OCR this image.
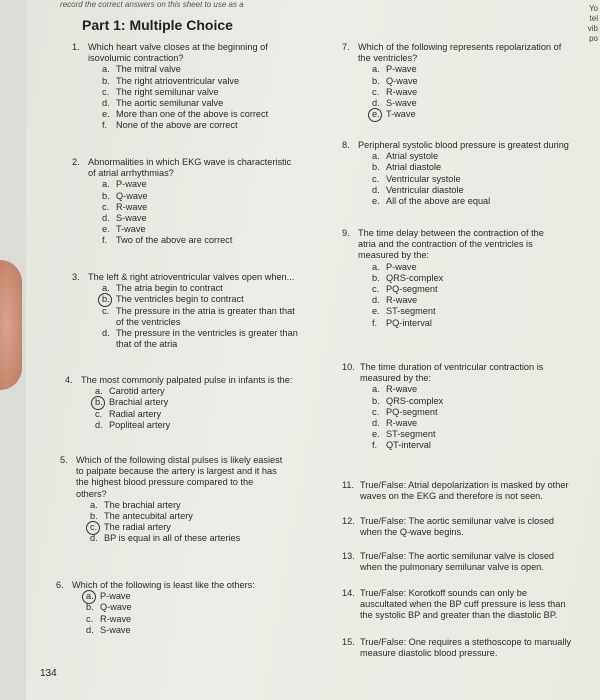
record the correct answers on this sheet to use as a
Part 1: Multiple Choice
Yo
tel
vib
po
1. Which heart valve closes at the beginning of
isovolumic contraction?
a. The mitral valve
b. The right atrioventricular valve
c. The right semilunar valve
d. The aortic semilunar valve
e. More than one of the above is correct
f. None of the above are correct
2. Abnormalities in which EKG wave is characteristic
of atrial arrhythmias?
a. P-wave
b. Q-wave
c. R-wave
d. S-wave
e. T-wave
f. Two of the above are correct
3. The left & right atrioventricular valves open when...
a. The atria begin to contract
b. The ventricles begin to contract
c. The pressure in the atria is greater than that
of the ventricles
d. The pressure in the ventricles is greater than
that of the atria
4. The most commonly palpated pulse in infants is the:
a. Carotid artery
b. Brachial artery
c. Radial artery
d. Popliteal artery
5. Which of the following distal pulses is likely easiest
to palpate because the artery is largest and it has
the highest blood pressure compared to the
others?
a. The brachial artery
b. The antecubital artery
c. The radial artery
d. BP is equal in all of these arteries
6. Which of the following is least like the others:
a. P-wave
b. Q-wave
c. R-wave
d. S-wave
7. Which of the following represents repolarization of
the ventricles?
a. P-wave
b. Q-wave
c. R-wave
d. S-wave
e. T-wave
8. Peripheral systolic blood pressure is greatest during
a. Atrial systole
b. Atrial diastole
c. Ventricular systole
d. Ventricular diastole
e. All of the above are equal
9. The time delay between the contraction of the
atria and the contraction of the ventricles is
measured by the:
a. P-wave
b. QRS-complex
c. PQ-segment
d. R-wave
e. ST-segment
f. PQ-interval
10. The time duration of ventricular contraction is
measured by the:
a. R-wave
b. QRS-complex
c. PQ-segment
d. R-wave
e. ST-segment
f. QT-interval
11. True/False: Atrial depolarization is masked by other
waves on the EKG and therefore is not seen.
12. True/False: The aortic semilunar valve is closed
when the Q-wave begins.
13. True/False: The aortic semilunar valve is closed
when the pulmonary semilunar valve is open.
14. True/False: Korotkoff sounds can only be
auscultated when the BP cuff pressure is less than
the systolic BP and greater than the diastolic BP.
15. True/False: One requires a stethoscope to manually
measure diastolic blood pressure.
134
